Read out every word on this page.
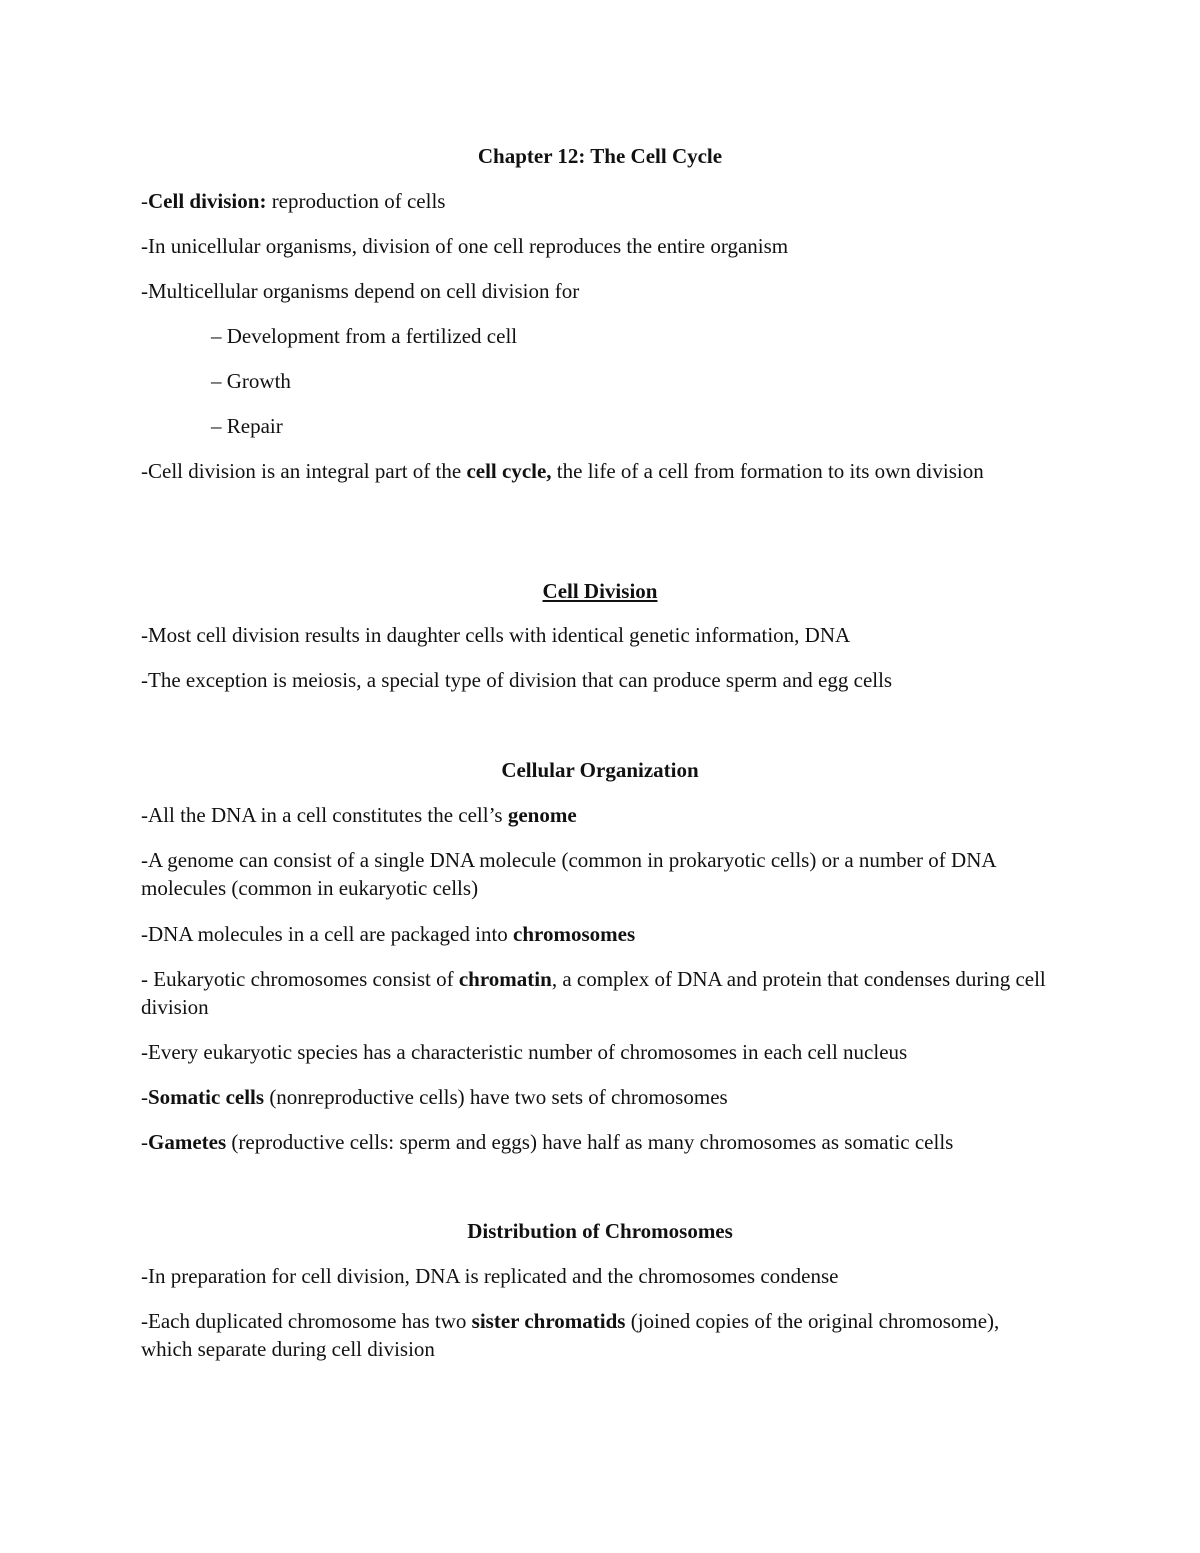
Chapter 12: The Cell Cycle
-Cell division: reproduction of cells
-In unicellular organisms, division of one cell reproduces the entire organism
-Multicellular organisms depend on cell division for
– Development from a fertilized cell
– Growth
– Repair
-Cell division is an integral part of the cell cycle, the life of a cell from formation to its own division
Cell Division
-Most cell division results in daughter cells with identical genetic information, DNA
-The exception is meiosis, a special type of division that can produce sperm and egg cells
Cellular Organization
-All the DNA in a cell constitutes the cell’s genome
-A genome can consist of a single DNA molecule (common in prokaryotic cells) or a number of DNA molecules (common in eukaryotic cells)
-DNA molecules in a cell are packaged into chromosomes
- Eukaryotic chromosomes consist of chromatin, a complex of DNA and protein that condenses during cell division
-Every eukaryotic species has a characteristic number of chromosomes in each cell nucleus
-Somatic cells (nonreproductive cells) have two sets of chromosomes
-Gametes (reproductive cells: sperm and eggs) have half as many chromosomes as somatic cells
Distribution of Chromosomes
-In preparation for cell division, DNA is replicated and the chromosomes condense
-Each duplicated chromosome has two sister chromatids (joined copies of the original chromosome), which separate during cell division
